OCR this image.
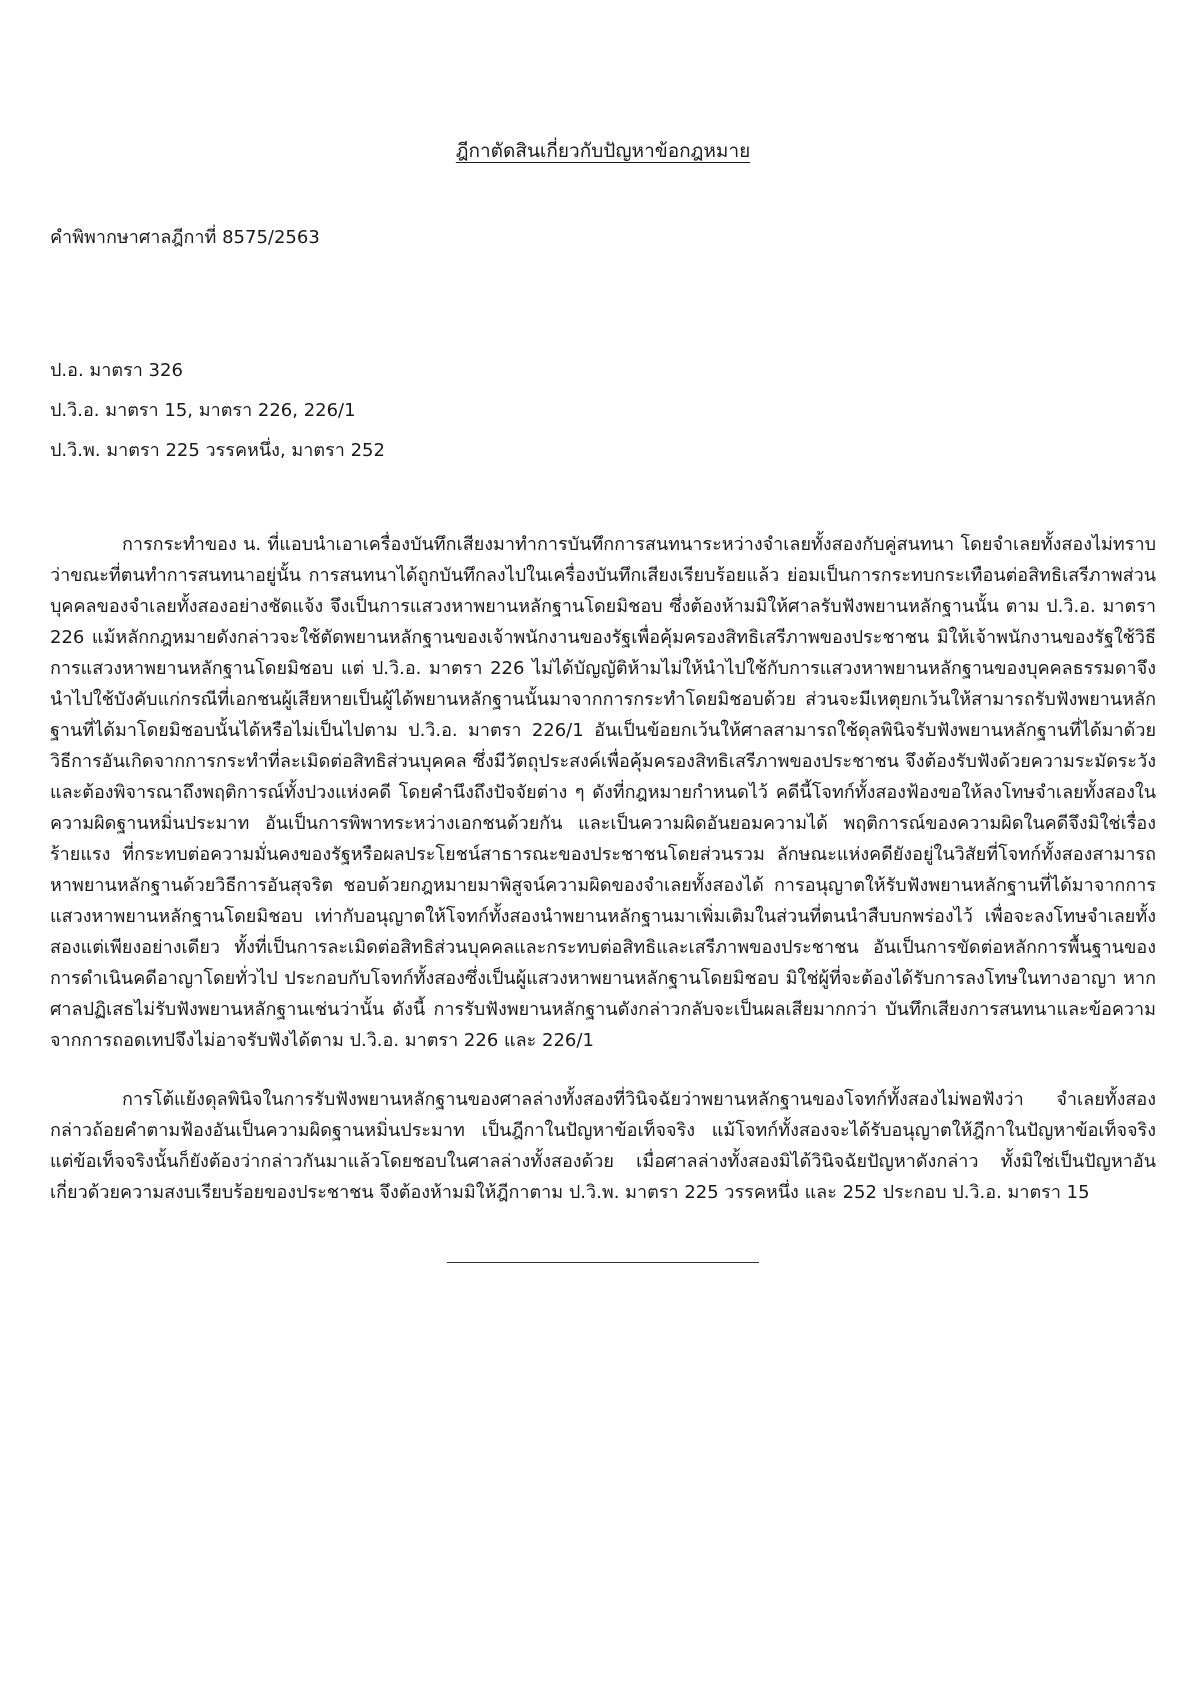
ฎีกาตัดสินเกี่ยวกับปัญหาข้อกฎหมาย

คำพิพากษาศาลฎีกาที่ 8575/2563

ป.อ. มาตรา 326

ป.วิ.อ. มาตรา 15, มาตรา 226, 226/1

ป.วิ.พ. มาตรา 225 วรรคหนึ่ง, มาตรา 252

การกระทำของ น. ที่แอบนำเอาเครื่องบันทึกเสียงมาทำการบันทึกการสนทนาระหว่างจำเลยทั้งสองกับคู่สนทนา โดยจำเลยทั้งสองไม่ทราบว่าขณะที่ตนทำการสนทนาอยู่นั้น การสนทนาได้ถูกบันทึกลงไปในเครื่องบันทึกเสียงเรียบร้อยแล้ว ย่อมเป็นการกระทบกระเทือนต่อสิทธิเสรีภาพส่วนบุคคลของจำเลยทั้งสองอย่างชัดแจ้ง จึงเป็นการแสวงหาพยานหลักฐานโดยมิชอบ ซึ่งต้องห้ามมิให้ศาลรับฟังพยานหลักฐานนั้น ตาม ป.วิ.อ. มาตรา 226 แม้หลักกฎหมายดังกล่าวจะใช้ตัดพยานหลักฐานของเจ้าพนักงานของรัฐเพื่อคุ้มครองสิทธิเสรีภาพของประชาชน มิให้เจ้าพนักงานของรัฐใช้วิธีการแสวงหาพยานหลักฐานโดยมิชอบ แต่ ป.วิ.อ. มาตรา 226 ไม่ได้บัญญัติห้ามไม่ให้นำไปใช้กับการแสวงหาพยานหลักฐานของบุคคลธรรมดาจึงนำไปใช้บังคับแก่กรณีที่เอกชนผู้เสียหายเป็นผู้ได้พยานหลักฐานนั้นมาจากการกระทำโดยมิชอบด้วย ส่วนจะมีเหตุยกเว้นให้สามารถรับฟังพยานหลักฐานที่ได้มาโดยมิชอบนั้นได้หรือไม่เป็นไปตาม ป.วิ.อ. มาตรา 226/1 อันเป็นข้อยกเว้นให้ศาลสามารถใช้ดุลพินิจรับฟังพยานหลักฐานที่ได้มาด้วยวิธีการอันเกิดจากการกระทำที่ละเมิดต่อสิทธิส่วนบุคคล ซึ่งมีวัตถุประสงค์เพื่อคุ้มครองสิทธิเสรีภาพของประชาชน จึงต้องรับฟังด้วยความระมัดระวัง และต้องพิจารณาถึงพฤติการณ์ทั้งปวงแห่งคดี โดยคำนึงถึงปัจจัยต่าง ๆ ดังที่กฎหมายกำหนดไว้ คดีนี้โจทก์ทั้งสองฟ้องขอให้ลงโทษจำเลยทั้งสองในความผิดฐานหมิ่นประมาท อันเป็นการพิพาทระหว่างเอกชนด้วยกัน และเป็นความผิดอันยอมความได้ พฤติการณ์ของความผิดในคดีจึงมิใช่เรื่องร้ายแรง ที่กระทบต่อความมั่นคงของรัฐหรือผลประโยชน์สาธารณะของประชาชนโดยส่วนรวม ลักษณะแห่งคดียังอยู่ในวิสัยที่โจทก์ทั้งสองสามารถหาพยานหลักฐานด้วยวิธีการอันสุจริต ชอบด้วยกฎหมายมาพิสูจน์ความผิดของจำเลยทั้งสองได้ การอนุญาตให้รับฟังพยานหลักฐานที่ได้มาจากการแสวงหาพยานหลักฐานโดยมิชอบ เท่ากับอนุญาตให้โจทก์ทั้งสองนำพยานหลักฐานมาเพิ่มเติมในส่วนที่ตนนำสืบบกพร่องไว้ เพื่อจะลงโทษจำเลยทั้งสองแต่เพียงอย่างเดียว ทั้งที่เป็นการละเมิดต่อสิทธิส่วนบุคคลและกระทบต่อสิทธิและเสรีภาพของประชาชน อันเป็นการขัดต่อหลักการพื้นฐานของการดำเนินคดีอาญาโดยทั่วไป ประกอบกับโจทก์ทั้งสองซึ่งเป็นผู้แสวงหาพยานหลักฐานโดยมิชอบ มิใช่ผู้ที่จะต้องได้รับการลงโทษในทางอาญา หากศาลปฏิเสธไม่รับฟังพยานหลักฐานเช่นว่านั้น ดังนี้ การรับฟังพยานหลักฐานดังกล่าวกลับจะเป็นผลเสียมากกว่า บันทึกเสียงการสนทนาและข้อความจากการถอดเทปจึงไม่อาจรับฟังได้ตาม ป.วิ.อ. มาตรา 226 และ 226/1

การโต้แย้งดุลพินิจในการรับฟังพยานหลักฐานของศาลล่างทั้งสองที่วินิจฉัยว่าพยานหลักฐานของโจทก์ทั้งสองไม่พอฟังว่า จำเลยทั้งสองกล่าวถ้อยคำตามฟ้องอันเป็นความผิดฐานหมิ่นประมาท เป็นฎีกาในปัญหาข้อเท็จจริง แม้โจทก์ทั้งสองจะได้รับอนุญาตให้ฎีกาในปัญหาข้อเท็จจริง แต่ข้อเท็จจริงนั้นก็ยังต้องว่ากล่าวกันมาแล้วโดยชอบในศาลล่างทั้งสองด้วย เมื่อศาลล่างทั้งสองมิได้วินิจฉัยปัญหาดังกล่าว ทั้งมิใช่เป็นปัญหาอันเกี่ยวด้วยความสงบเรียบร้อยของประชาชน จึงต้องห้ามมิให้ฎีกาตาม ป.วิ.พ. มาตรา 225 วรรคหนึ่ง และ 252 ประกอบ ป.วิ.อ. มาตรา 15
